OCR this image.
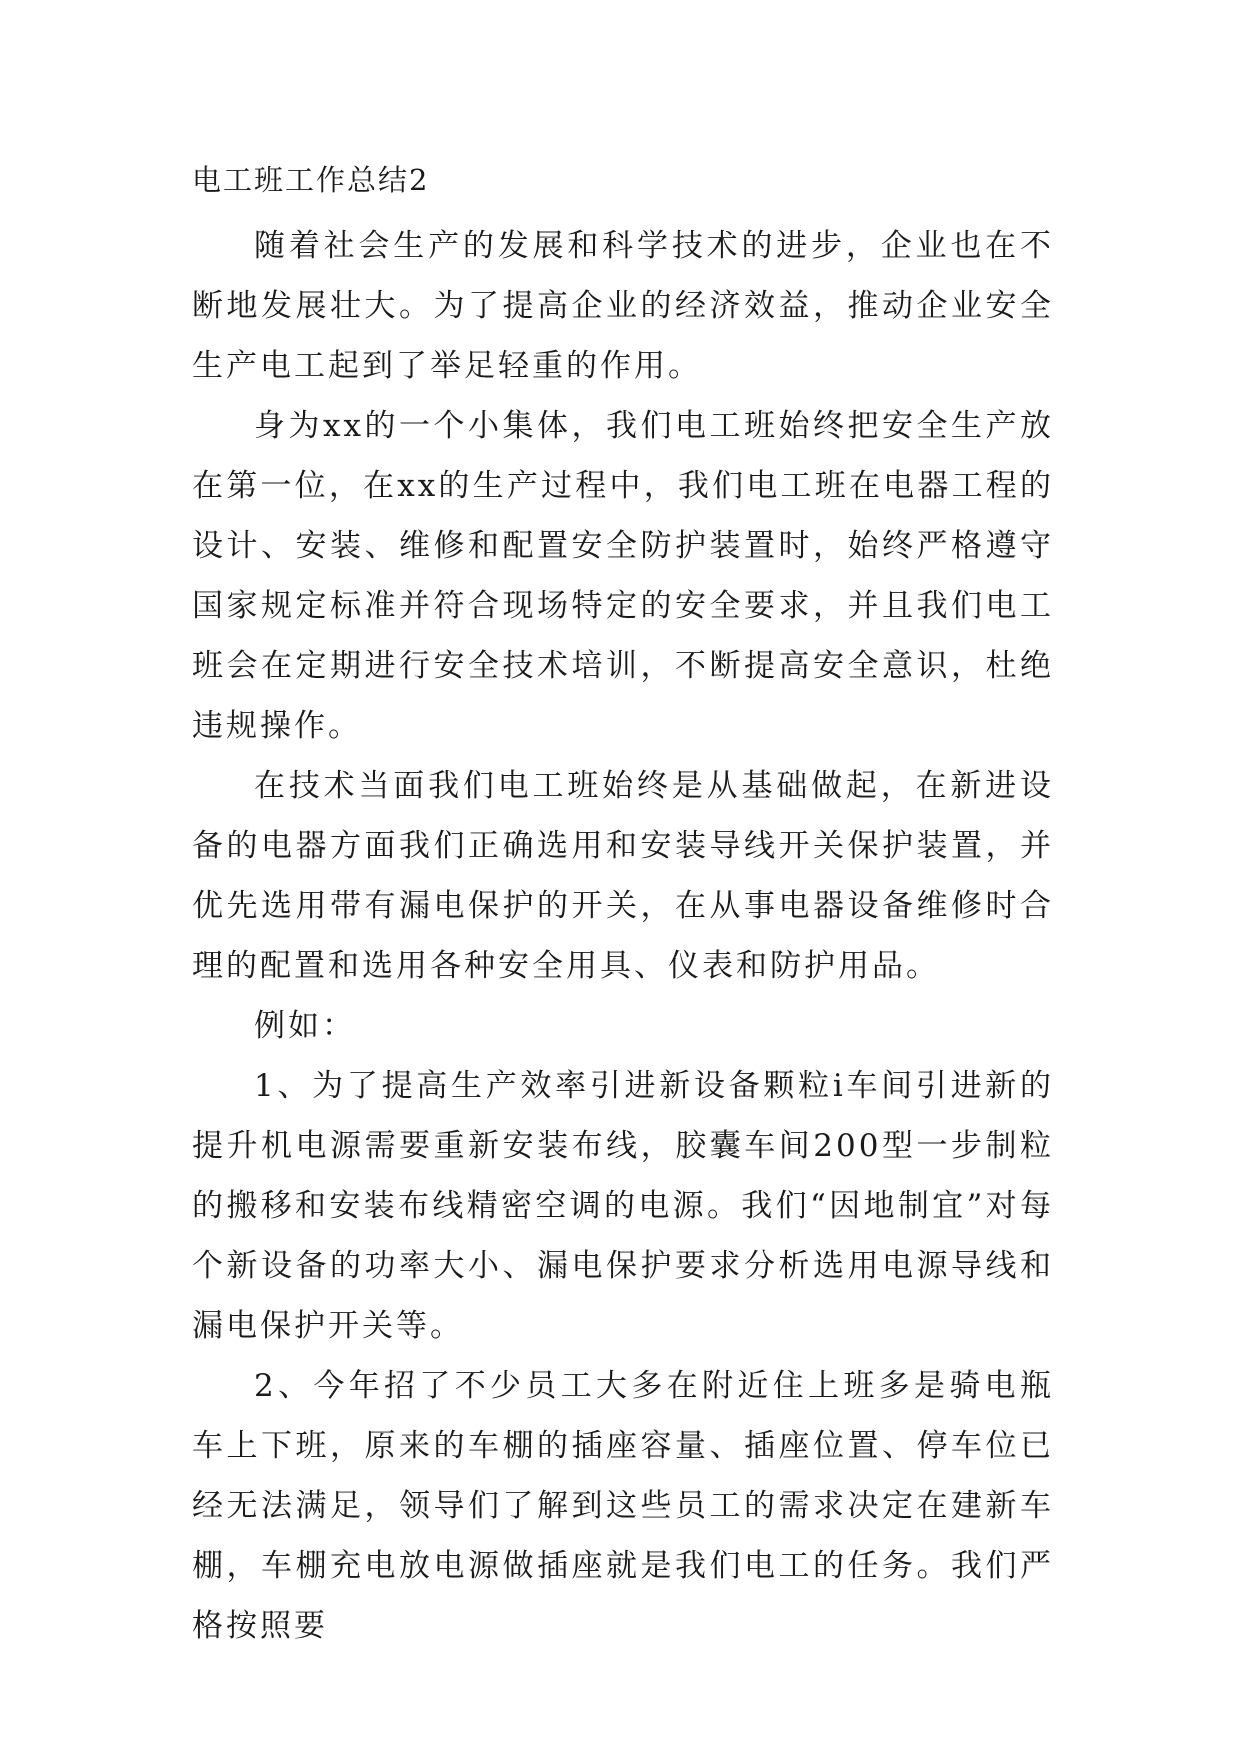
电工班工作总结2

随着社会生产的发展和科学技术的进步，企业也在不断地发展壮大。为了提高企业的经济效益，推动企业安全生产电工起到了举足轻重的作用。

身为xx的一个小集体，我们电工班始终把安全生产放在第一位，在xx的生产过程中，我们电工班在电器工程的设计、安装、维修和配置安全防护装置时，始终严格遵守国家规定标准并符合现场特定的安全要求，并且我们电工班会在定期进行安全技术培训，不断提高安全意识，杜绝违规操作。

在技术当面我们电工班始终是从基础做起，在新进设备的电器方面我们正确选用和安装导线开关保护装置，并优先选用带有漏电保护的开关，在从事电器设备维修时合理的配置和选用各种安全用具、仪表和防护用品。

例如：

1、为了提高生产效率引进新设备颗粒i车间引进新的提升机电源需要重新安装布线，胶囊车间200型一步制粒的搬移和安装布线精密空调的电源。我们“因地制宜”对每个新设备的功率大小、漏电保护要求分析选用电源导线和漏电保护开关等。

2、今年招了不少员工大多在附近住上班多是骑电瓶车上下班，原来的车棚的插座容量、插座位置、停车位已经无法满足，领导们了解到这些员工的需求决定在建新车棚，车棚充电放电源做插座就是我们电工的任务。我们严格按照要
